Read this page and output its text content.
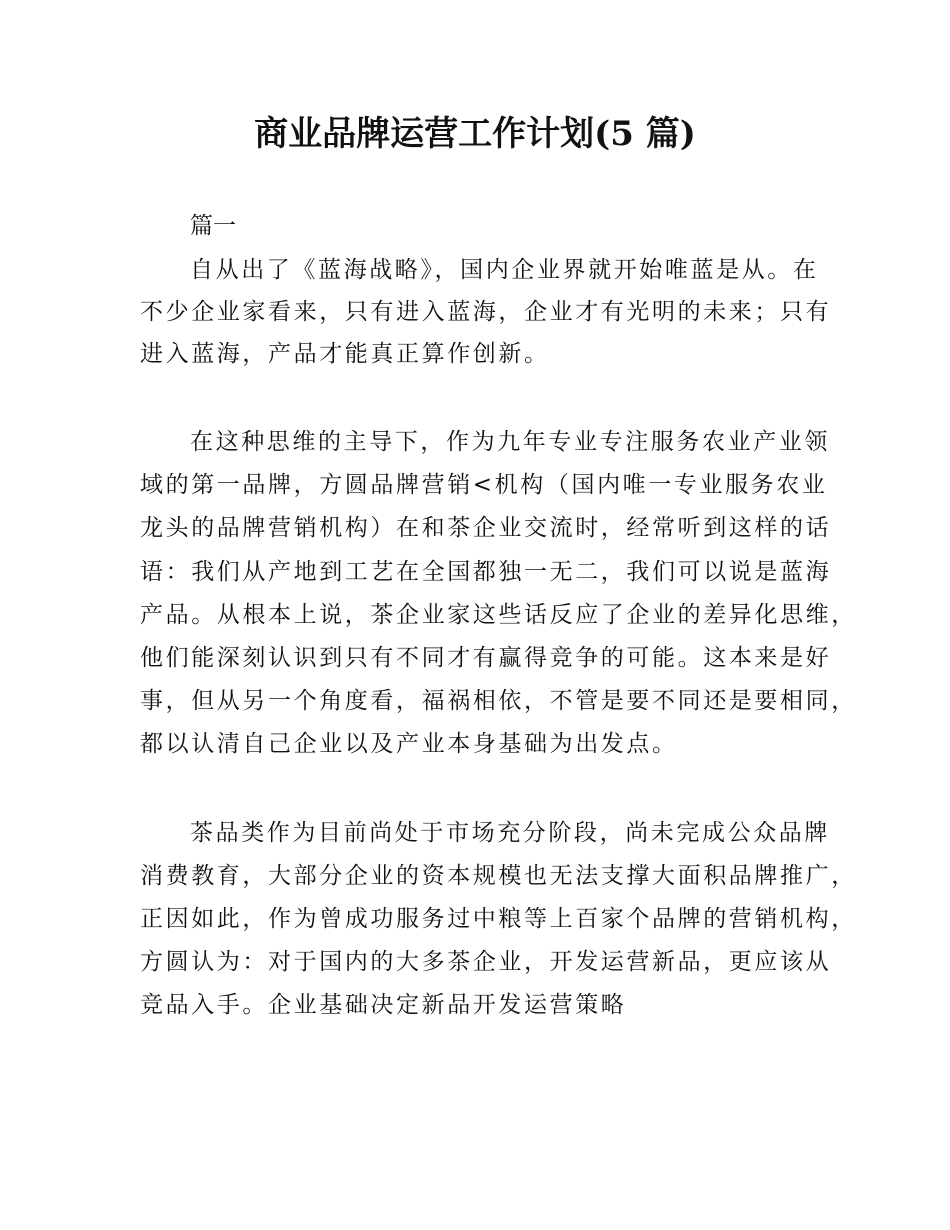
商业品牌运营工作计划(5 篇)
篇一
自从出了《蓝海战略》，国内企业界就开始唯蓝是从。在
不少企业家看来，只有进入蓝海，企业才有光明的未来；只有
进入蓝海，产品才能真正算作创新。
在这种思维的主导下，作为九年专业专注服务农业产业领
域的第一品牌，方圆品牌营销<机构（国内唯一专业服务农业
龙头的品牌营销机构）在和茶企业交流时，经常听到这样的话
语：我们从产地到工艺在全国都独一无二，我们可以说是蓝海
产品。从根本上说，茶企业家这些话反应了企业的差异化思维，
他们能深刻认识到只有不同才有赢得竞争的可能。这本来是好
事，但从另一个角度看，福祸相依，不管是要不同还是要相同，
都以认清自己企业以及产业本身基础为出发点。
茶品类作为目前尚处于市场充分阶段，尚未完成公众品牌
消费教育，大部分企业的资本规模也无法支撑大面积品牌推广，
正因如此，作为曾成功服务过中粮等上百家个品牌的营销机构，
方圆认为：对于国内的大多茶企业，开发运营新品，更应该从
竞品入手。企业基础决定新品开发运营策略
